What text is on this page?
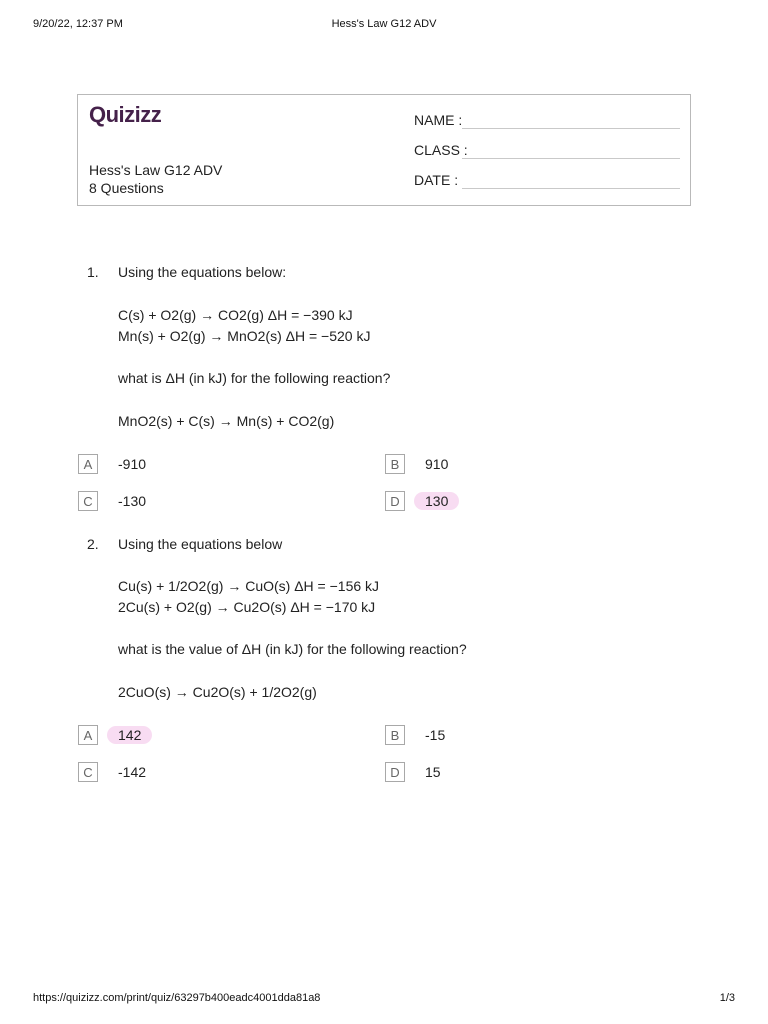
9/20/22, 12:37 PM	Hess's Law G12 ADV
Quizizz
Hess's Law G12 ADV
8 Questions
NAME :
CLASS :
DATE :
1. Using the equations below:
C(s) + O2(g) → CO2(g) ΔH = −390 kJ
Mn(s) + O2(g) → MnO2(s) ΔH = −520 kJ
what is ΔH (in kJ) for the following reaction?
MnO2(s) + C(s) → Mn(s) + CO2(g)
A	-910	B	910
C	-130	D	130
2. Using the equations below
Cu(s) + 1/2O2(g) → CuO(s) ΔH = −156 kJ
2Cu(s) + O2(g) → Cu2O(s) ΔH = −170 kJ
what is the value of ΔH (in kJ) for the following reaction?
2CuO(s) → Cu2O(s) + 1/2O2(g)
A	142	B	-15
C	-142	D	15
https://quizizz.com/print/quiz/63297b400eadc4001dda81a8	1/3
